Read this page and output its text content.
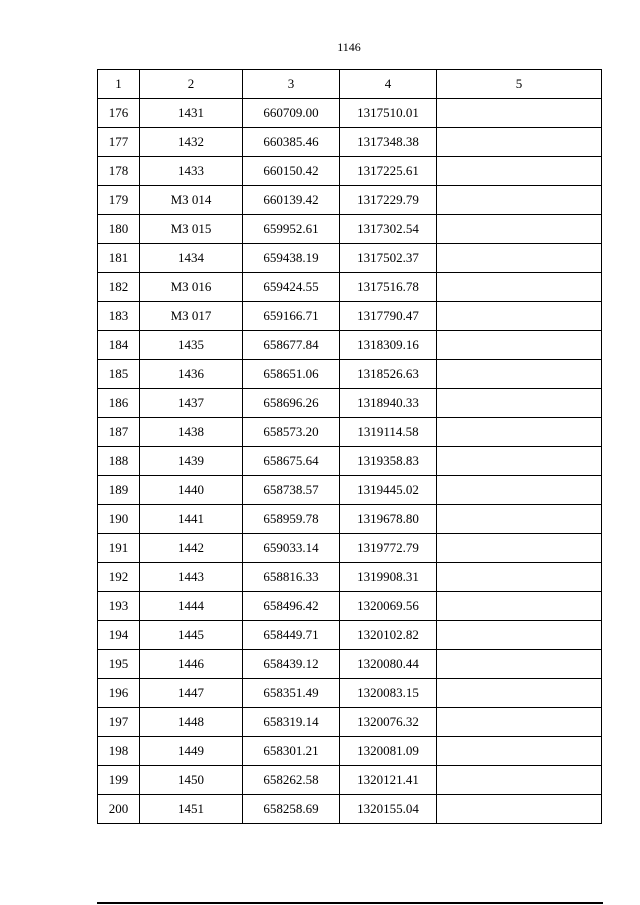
1146
1	2	3	4	5
176	1431	660709.00	1317510.01	
177	1432	660385.46	1317348.38	
178	1433	660150.42	1317225.61	
179	МЗ 014	660139.42	1317229.79	
180	МЗ 015	659952.61	1317302.54	
181	1434	659438.19	1317502.37	
182	МЗ 016	659424.55	1317516.78	
183	МЗ 017	659166.71	1317790.47	
184	1435	658677.84	1318309.16	
185	1436	658651.06	1318526.63	
186	1437	658696.26	1318940.33	
187	1438	658573.20	1319114.58	
188	1439	658675.64	1319358.83	
189	1440	658738.57	1319445.02	
190	1441	658959.78	1319678.80	
191	1442	659033.14	1319772.79	
192	1443	658816.33	1319908.31	
193	1444	658496.42	1320069.56	
194	1445	658449.71	1320102.82	
195	1446	658439.12	1320080.44	
196	1447	658351.49	1320083.15	
197	1448	658319.14	1320076.32	
198	1449	658301.21	1320081.09	
199	1450	658262.58	1320121.41	
200	1451	658258.69	1320155.04	
